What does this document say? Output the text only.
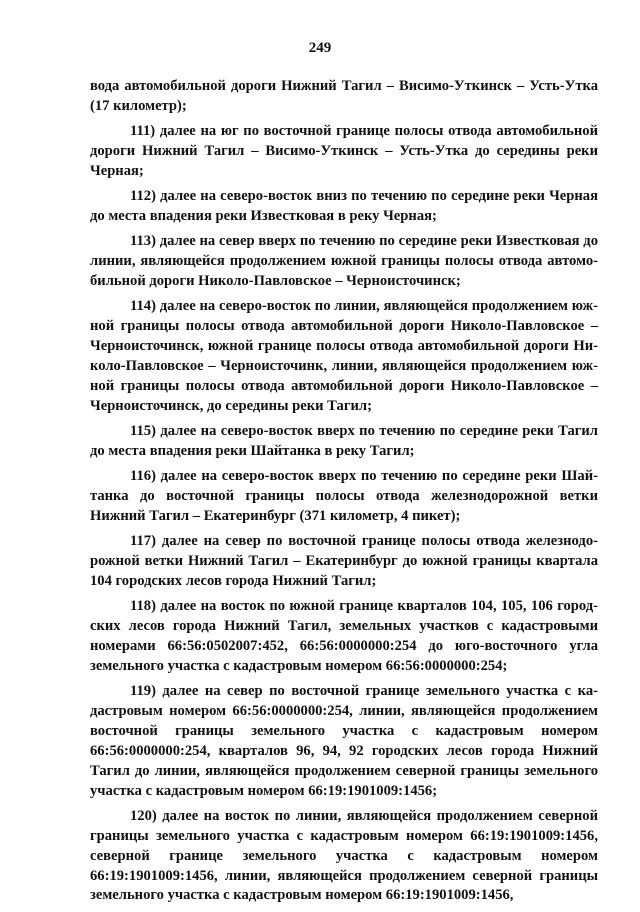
249

вода автомобильной дороги Нижний Тагил – Висимо-Уткинск – Усть-Утка (17 километр);

111) далее на юг по восточной границе полосы отвода автомобильной дороги Нижний Тагил – Висимо-Уткинск – Усть-Утка до середины реки Черная;

112) далее на северо-восток вниз по течению по середине реки Черная до места впадения реки Известковая в реку Черная;

113) далее на север вверх по течению по середине реки Известковая до линии, являющейся продолжением южной границы полосы отвода автомобильной дороги Николо-Павловское – Черноисточинск;

114) далее на северо-восток по линии, являющейся продолжением южной границы полосы отвода автомобильной дороги Николо-Павловское – Черноисточинск, южной границе полосы отвода автомобильной дороги Николо-Павловское – Черноисточинк, линии, являющейся продолжением южной границы полосы отвода автомобильной дороги Николо-Павловское – Черноисточинск, до середины реки Тагил;

115) далее на северо-восток вверх по течению по середине реки Тагил до места впадения реки Шайтанка в реку Тагил;

116) далее на северо-восток вверх по течению по середине реки Шайтанка до восточной границы полосы отвода железнодорожной ветки Нижний Тагил – Екатеринбург (371 километр, 4 пикет);

117) далее на север по восточной границе полосы отвода железнодорожной ветки Нижний Тагил – Екатеринбург до южной границы квартала 104 городских лесов города Нижний Тагил;

118) далее на восток по южной границе кварталов 104, 105, 106 городских лесов города Нижний Тагил, земельных участков с кадастровыми номерами 66:56:0502007:452, 66:56:0000000:254 до юго-восточного угла земельного участка с кадастровым номером 66:56:0000000:254;

119) далее на север по восточной границе земельного участка с кадастровым номером 66:56:0000000:254, линии, являющейся продолжением восточной границы земельного участка с кадастровым номером 66:56:0000000:254, кварталов 96, 94, 92 городских лесов города Нижний Тагил до линии, являющейся продолжением северной границы земельного участка с кадастровым номером 66:19:1901009:1456;

120) далее на восток по линии, являющейся продолжением северной границы земельного участка с кадастровым номером 66:19:1901009:1456, северной границе земельного участка с кадастровым номером 66:19:1901009:1456, линии, являющейся продолжением северной границы земельного участка с кадастровым номером 66:19:1901009:1456,
